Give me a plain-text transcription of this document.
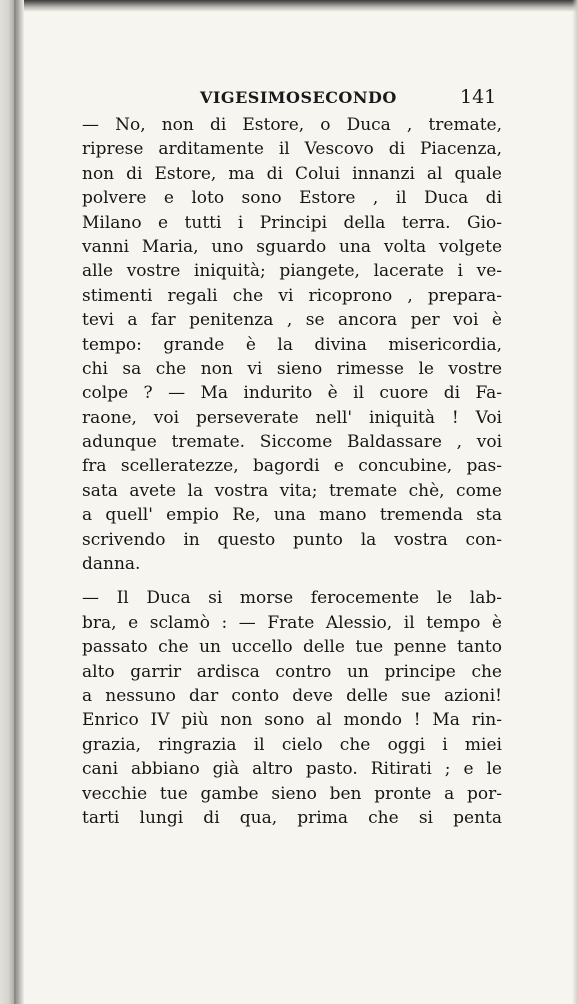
VIGESIMOSECONDO	141
— No, non di Estore, o Duca , tremate,
riprese arditamente il Vescovo di Piacenza,
non di Estore, ma di Colui innanzi al quale
polvere e loto sono Estore , il Duca di
Milano e tutti i Principi della terra. Gio-
vanni Maria, uno sguardo una volta volgete
alle vostre iniquità; piangete, lacerate i ve-
stimenti regali che vi ricoprono , prepara-
tevi a far penitenza , se ancora per voi è
tempo: grande è la divina misericordia,
chi sa che non vi sieno rimesse le vostre
colpe ? — Ma indurito è il cuore di Fa-
raone, voi perseverate nell' iniquità ! Voi
adunque tremate. Siccome Baldassare , voi
fra scelleratezze, bagordi e concubine, pas-
sata avete la vostra vita; tremate chè, come
a quell' empio Re, una mano tremenda sta
scrivendo in questo punto la vostra con-
danna.
— Il Duca si morse ferocemente le lab-
bra, e sclamò : — Frate Alessio, il tempo è
passato che un uccello delle tue penne tanto
alto garrir ardisca contro un principe che
a nessuno dar conto deve delle sue azioni!
Enrico IV più non sono al mondo ! Ma rin-
grazia, ringrazia il cielo che oggi i miei
cani abbiano già altro pasto. Ritirati ; e le
vecchie tue gambe sieno ben pronte a por-
tarti lungi di qua, prima che si penta
